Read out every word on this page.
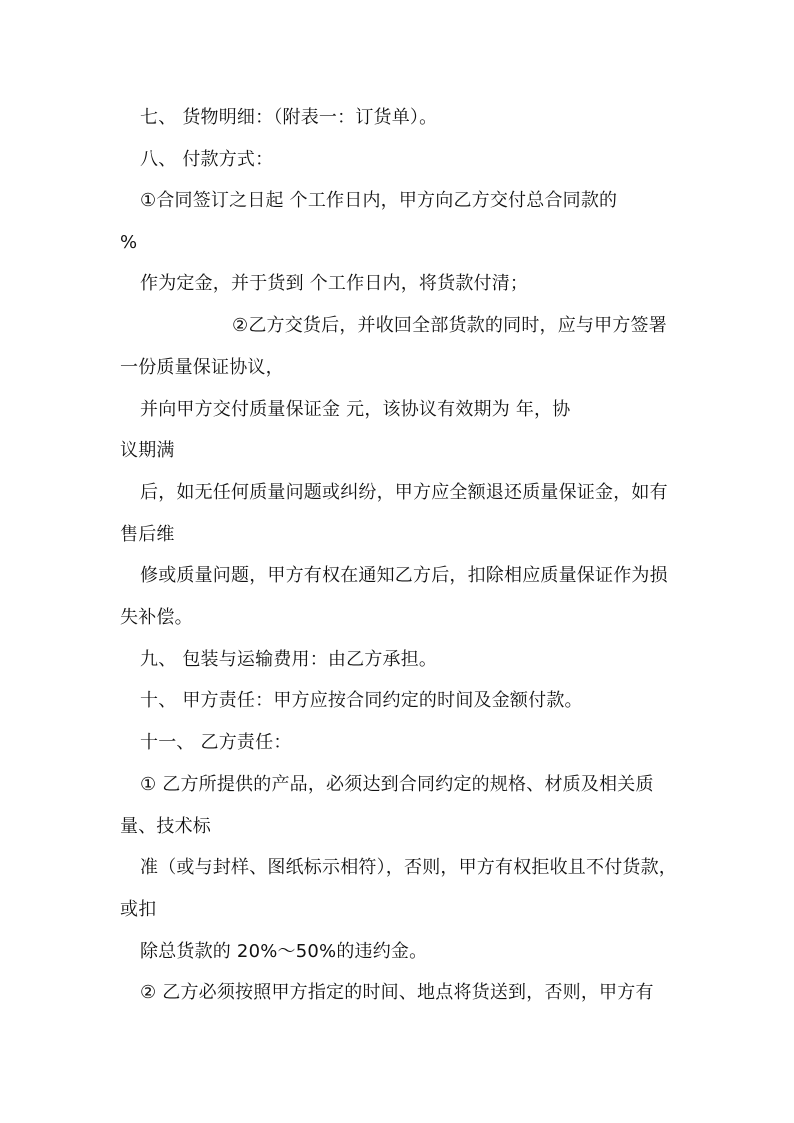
七、 货物明细：（附表一：订货单）。
八、 付款方式：
①合同签订之日起 个工作日内，甲方向乙方交付总合同款的
%
作为定金，并于货到 个工作日内，将货款付清；
②乙方交货后，并收回全部货款的同时，应与甲方签署
一份质量保证协议，
并向甲方交付质量保证金 元，该协议有效期为 年，协
议期满
后，如无任何质量问题或纠纷，甲方应全额退还质量保证金，如有
售后维
修或质量问题，甲方有权在通知乙方后，扣除相应质量保证作为损
失补偿。
九、 包装与运输费用：由乙方承担。
十、 甲方责任：甲方应按合同约定的时间及金额付款。
十一、 乙方责任：
① 乙方所提供的产品，必须达到合同约定的规格、材质及相关质
量、技术标
准（或与封样、图纸标示相符），否则，甲方有权拒收且不付货款，
或扣
除总货款的 20%～50%的违约金。
② 乙方必须按照甲方指定的时间、地点将货送到，否则，甲方有
